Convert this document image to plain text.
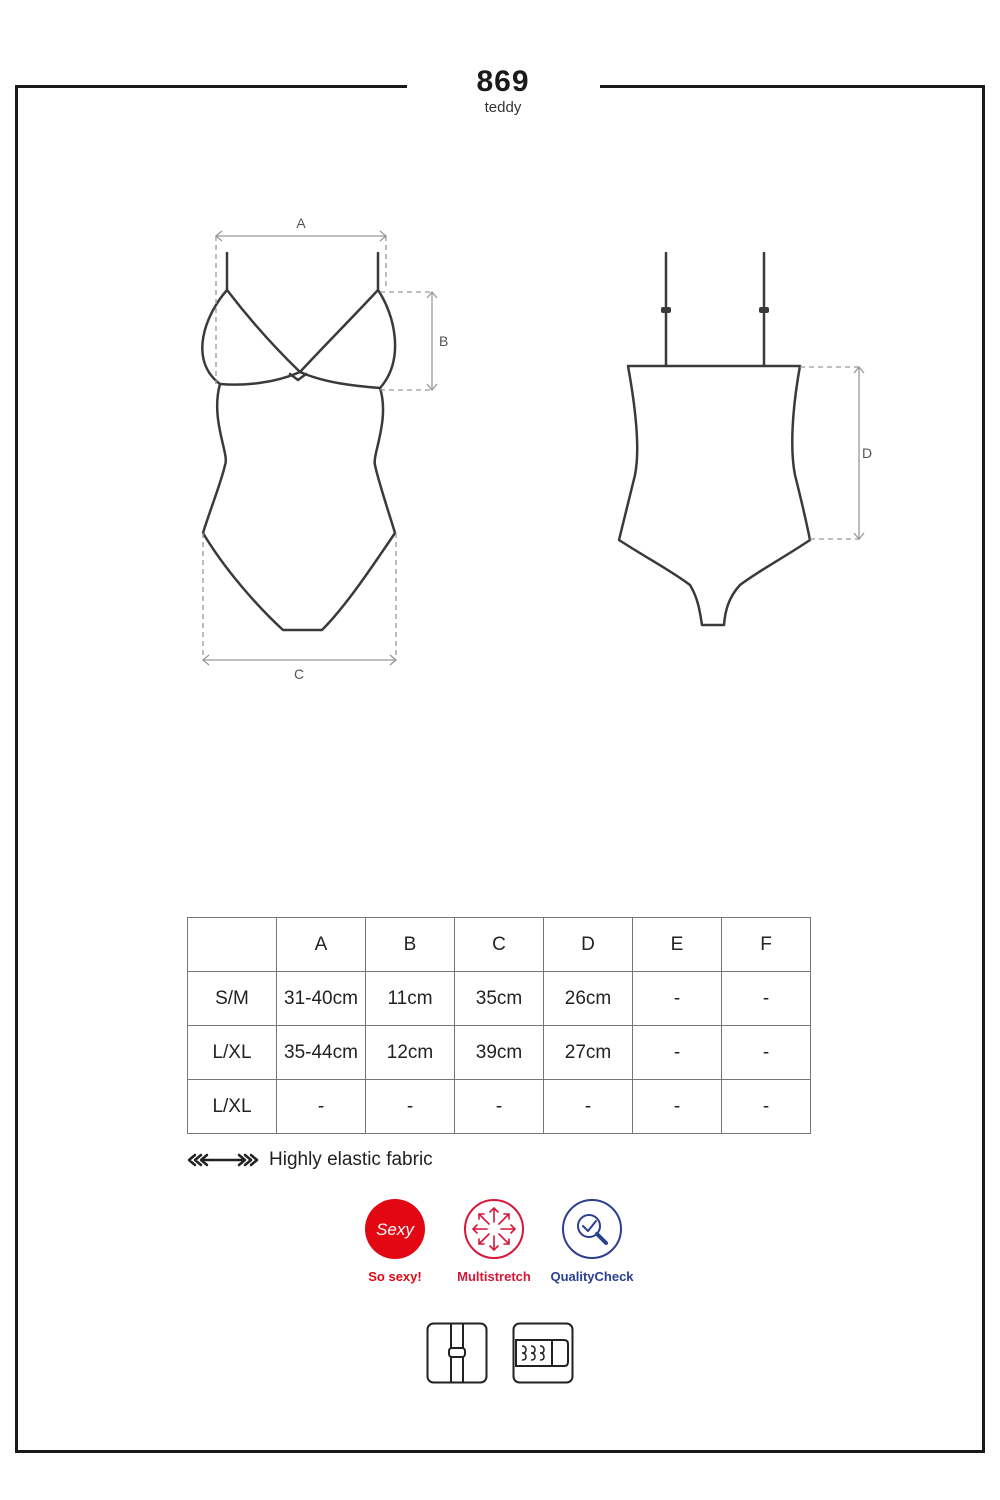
869
teddy
A
B
C
D
	A	B	C	D	E	F
S/M	31-40cm	11cm	35cm	26cm	-	-
L/XL	35-44cm	12cm	39cm	27cm	-	-
L/XL	-	-	-	-	-	-
Highly elastic fabric
Sexy
So sexy!	Multistretch	QualityCheck
